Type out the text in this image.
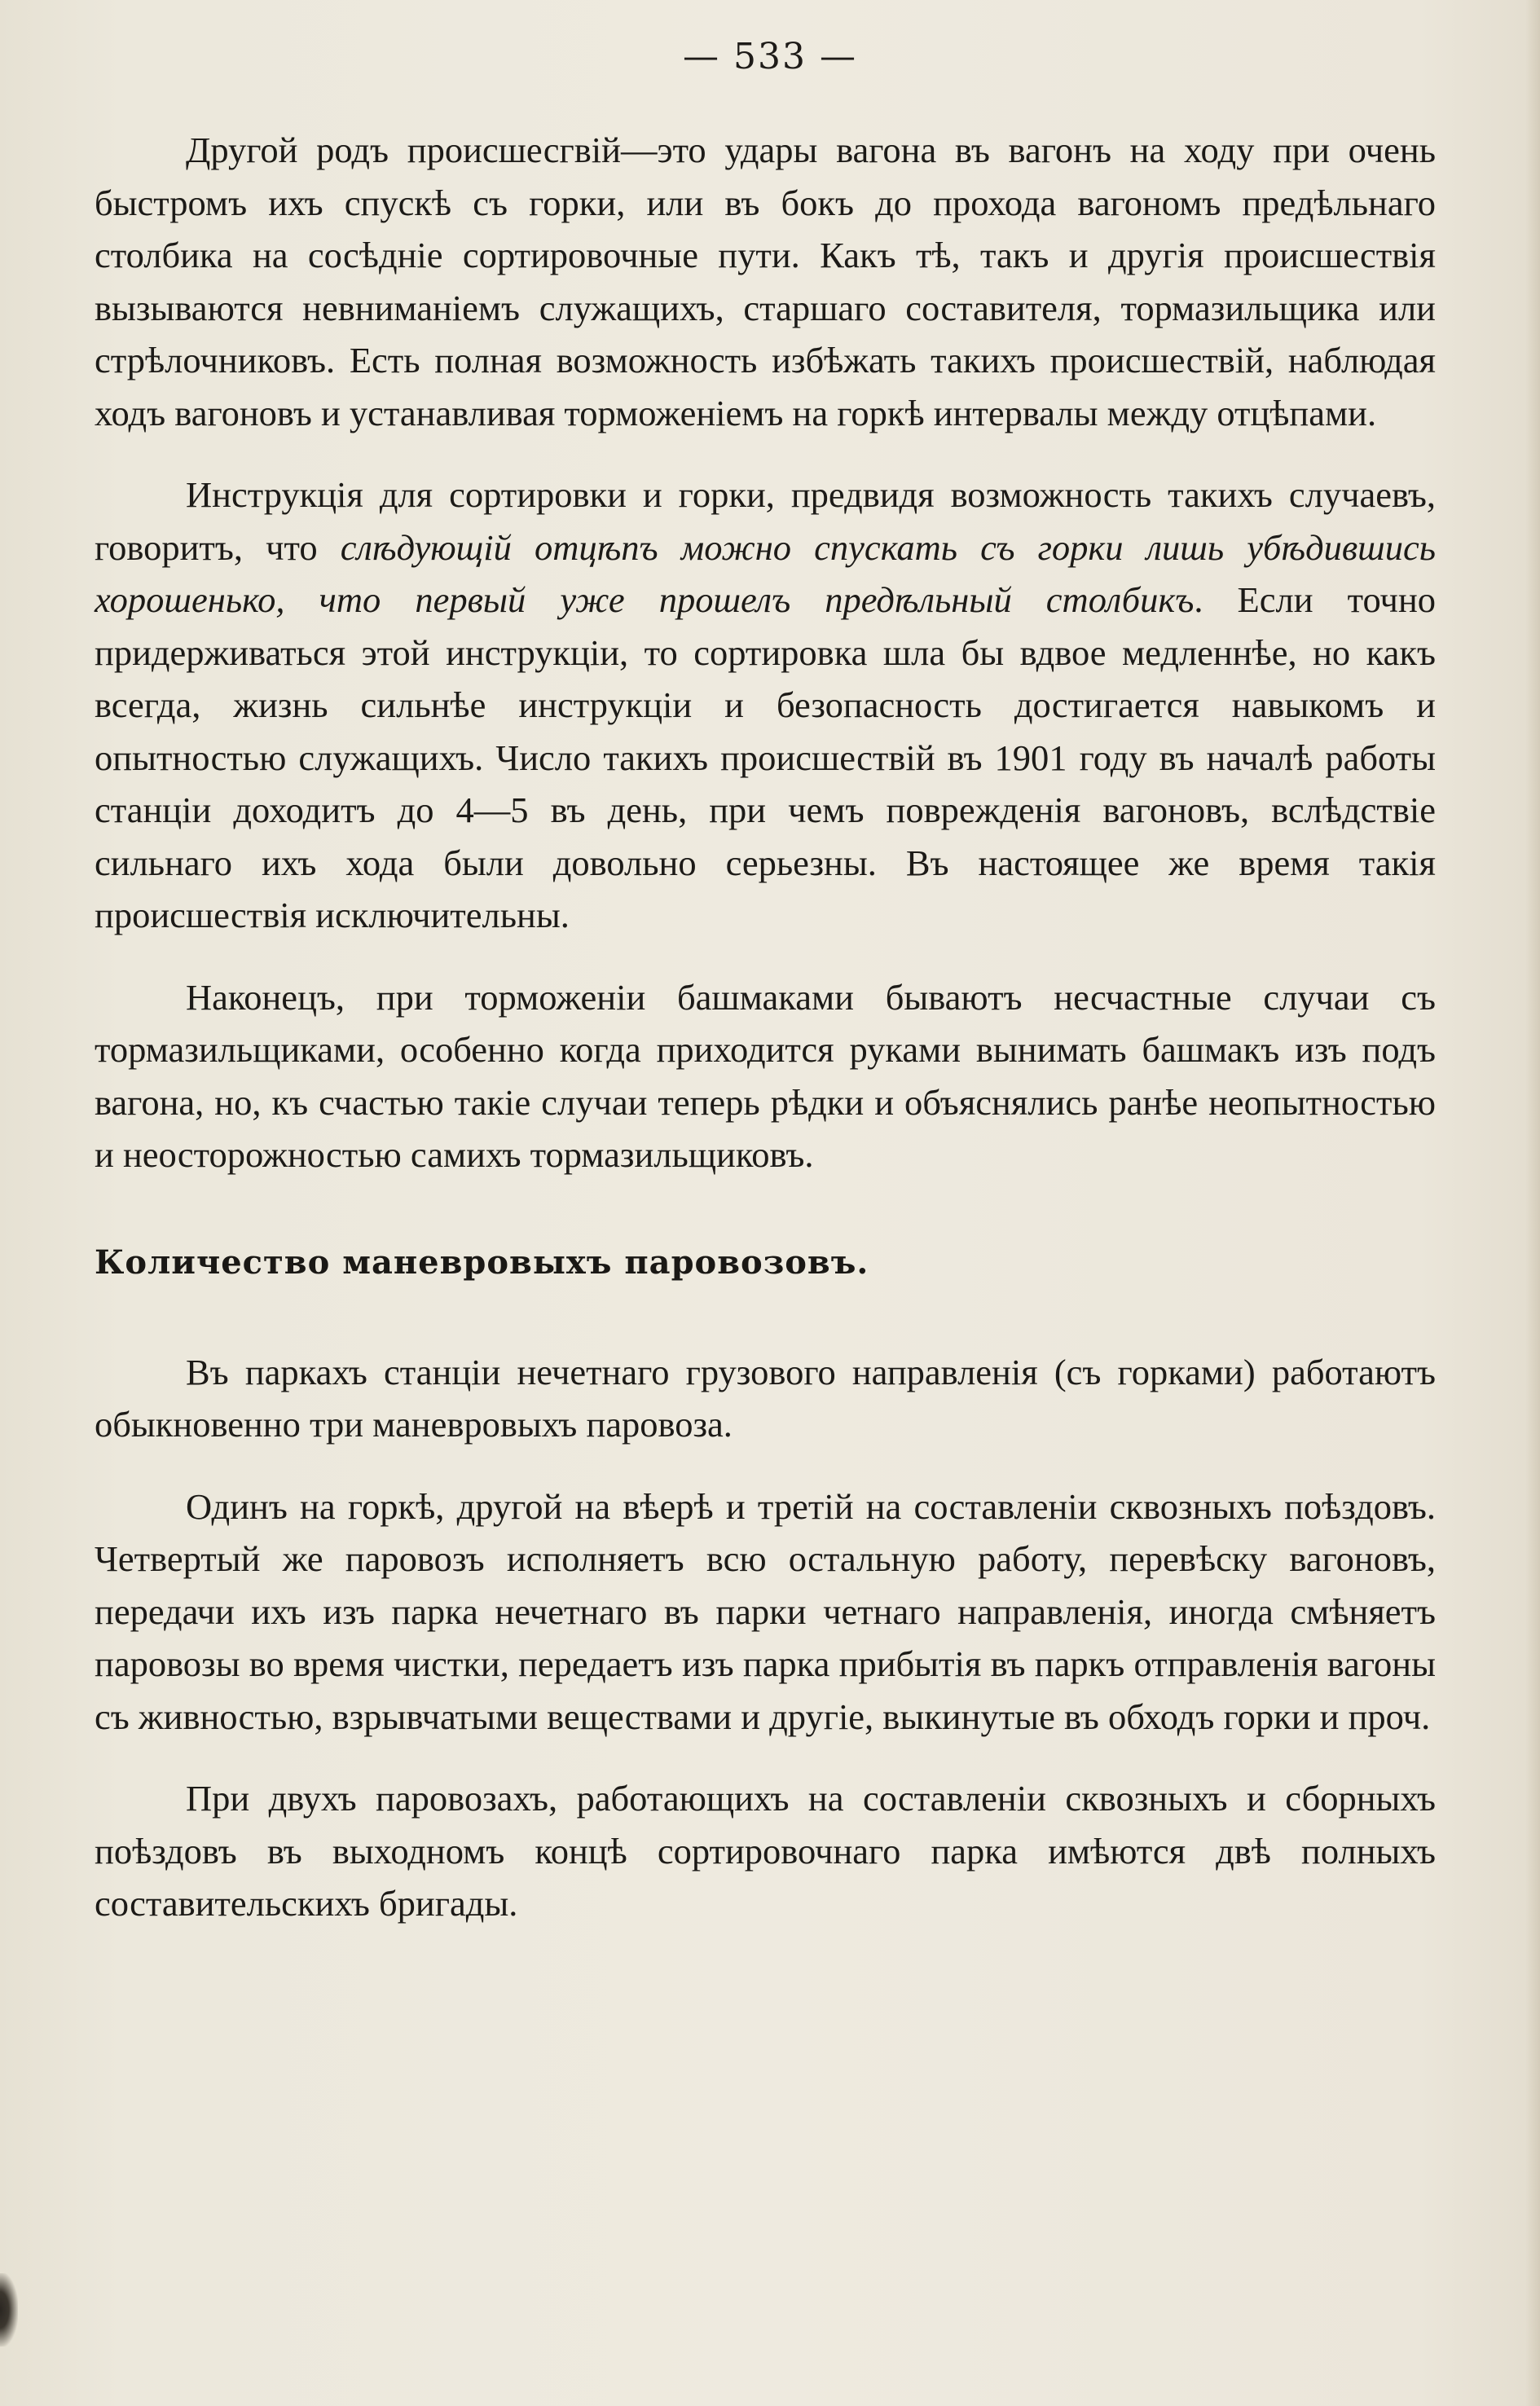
— 533 —

Другой родъ происшесгвій—это удары вагона въ вагонъ на ходу при очень быстромъ ихъ спускѣ съ горки, или въ бокъ до прохода вагономъ предѣльнаго столбика на сосѣдніе сортировочные пути. Какъ тѣ, такъ и другія происшествія вызываются невниманіемъ служащихъ, старшаго составителя, тормазильщика или стрѣлочниковъ. Есть полная возможность избѣжать такихъ происшествій, наблюдая ходъ вагоновъ и устанавливая торможеніемъ на горкѣ интервалы между отцѣпами.

Инструкція для сортировки и горки, предвидя возможность такихъ случаевъ, говоритъ, что слѣдующій отцѣпъ можно спускать съ горки лишь убѣдившись хорошенько, что первый уже прошелъ предѣльный столбикъ. Если точно придерживаться этой инструкціи, то сортировка шла бы вдвое медленнѣе, но какъ всегда, жизнь сильнѣе инструкціи и безопасность достигается навыкомъ и опытностью служащихъ. Число такихъ происшествій въ 1901 году въ началѣ работы станціи доходитъ до 4—5 въ день, при чемъ поврежденія вагоновъ, вслѣдствіе сильнаго ихъ хода были довольно серьезны. Въ настоящее же время такія происшествія исключительны.

Наконецъ, при торможеніи башмаками бываютъ несчастные случаи съ тормазильщиками, особенно когда приходится руками вынимать башмакъ изъ подъ вагона, но, къ счастью такіе случаи теперь рѣдки и объяснялись ранѣе неопытностью и неосторожностью самихъ тормазильщиковъ.

Количество маневровыхъ паровозовъ.

Въ паркахъ станціи нечетнаго грузового направленія (съ горками) работаютъ обыкновенно три маневровыхъ паровоза.

Одинъ на горкѣ, другой на вѣерѣ и третій на составленіи сквозныхъ поѣздовъ. Четвертый же паровозъ исполняетъ всю остальную работу, перевѣску вагоновъ, передачи ихъ изъ парка нечетнаго въ парки четнаго направленія, иногда смѣняетъ паровозы во время чистки, передаетъ изъ парка прибытія въ паркъ отправленія вагоны съ живностью, взрывчатыми веществами и другіе, выкинутые въ обходъ горки и проч.

При двухъ паровозахъ, работающихъ на составленіи сквозныхъ и сборныхъ поѣздовъ въ выходномъ концѣ сортировочнаго парка имѣются двѣ полныхъ составительскихъ бригады.
